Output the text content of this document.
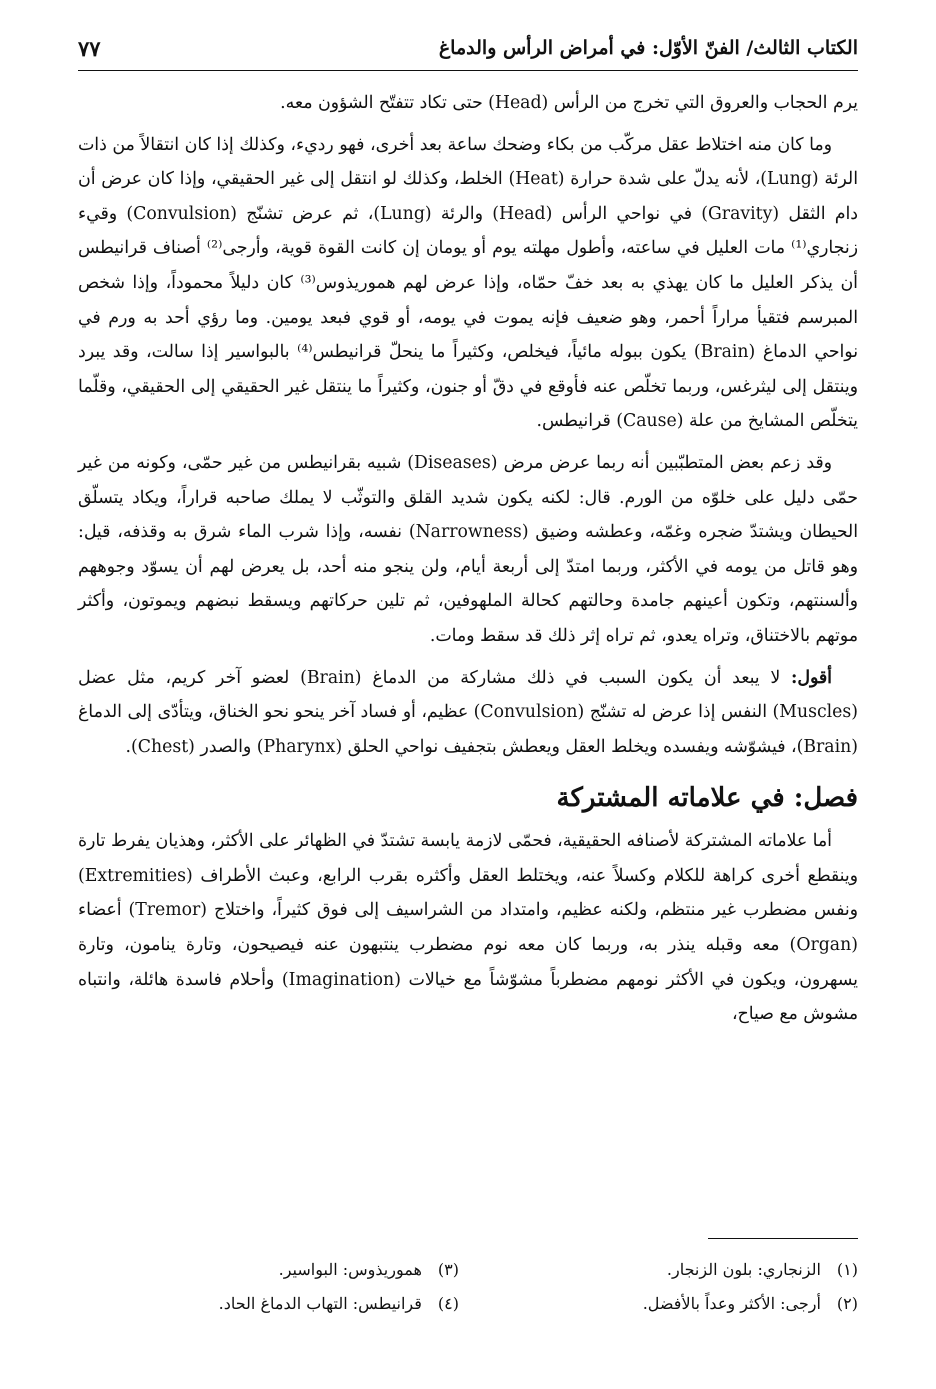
الكتاب الثالث/ الفنّ الأوّل: في أمراض الرأس والدماغ
٧٧

يرم الحجاب والعروق التي تخرج من الرأس (Head) حتى تكاد تتفتّح الشؤون معه.

وما كان منه اختلاط عقل مركّب من بكاء وضحك ساعة بعد أخرى، فهو رديء، وكذلك إذا كان انتقالاً من ذات الرئة (Lung)، لأنه يدلّ على شدة حرارة (Heat) الخلط، وكذلك لو انتقل إلى غير الحقيقي، وإذا كان عرض أن دام الثقل (Gravity) في نواحي الرأس (Head) والرئة (Lung)، ثم عرض تشنّج (Convulsion) وقيء زنجاري⁽¹⁾ مات العليل في ساعته، وأطول مهلته يوم أو يومان إن كانت القوة قوية، وأرجى⁽²⁾ أصناف قرانيطس أن يذكر العليل ما كان يهذي به بعد خفّ حمّاه، وإذا عرض لهم هموريذوس⁽³⁾ كان دليلاً محموداً، وإذا شخص المبرسم فتقيأ مراراً أحمر، وهو ضعيف فإنه يموت في يومه، أو قوي فبعد يومين. وما رؤي أحد به ورم في نواحي الدماغ (Brain) يكون ببوله مائياً، فيخلص، وكثيراً ما ينحلّ قرانيطس⁽⁴⁾ بالبواسير إذا سالت، وقد يبرد وينتقل إلى ليثرغس، وربما تخلّص عنه فأوقع في دقّ أو جنون، وكثيراً ما ينتقل غير الحقيقي إلى الحقيقي، وقلّما يتخلّص المشايخ من علة (Cause) قرانيطس.

وقد زعم بعض المتطبّبين أنه ربما عرض مرض (Diseases) شبيه بقرانيطس من غير حمّى، وكونه من غير حمّى دليل على خلوّه من الورم. قال: لكنه يكون شديد القلق والتوثّب لا يملك صاحبه قراراً، ويكاد يتسلّق الحيطان ويشتدّ ضجره وغمّه، وعطشه وضيق (Narrowness) نفسه، وإذا شرب الماء شرق به وقذفه، قيل: وهو قاتل من يومه في الأكثر، وربما امتدّ إلى أربعة أيام، ولن ينجو منه أحد، بل يعرض لهم أن يسوّد وجوههم وألسنتهم، وتكون أعينهم جامدة وحالتهم كحالة الملهوفين، ثم تلين حركاتهم ويسقط نبضهم ويموتون، وأكثر موتهم بالاختناق، وتراه يعدو، ثم تراه إثر ذلك قد سقط ومات.

أقول: لا يبعد أن يكون السبب في ذلك مشاركة من الدماغ (Brain) لعضو آخر كريم، مثل عضل (Muscles) النفس إذا عرض له تشنّج (Convulsion) عظيم، أو فساد آخر ينحو نحو الخناق، ويتأدّى إلى الدماغ (Brain)، فيشوّشه ويفسده ويخلط العقل ويعطش بتجفيف نواحي الحلق (Pharynx) والصدر (Chest).

فصل: في علاماته المشتركة

أما علاماته المشتركة لأصنافه الحقيقية، فحمّى لازمة يابسة تشتدّ في الظهائر على الأكثر، وهذيان يفرط تارة وينقطع أخرى كراهة للكلام وكسلاً عنه، ويختلط العقل وأكثره بقرب الرابع، وعبث الأطراف (Extremities) ونفس مضطرب غير منتظم، ولكنه عظيم، وامتداد من الشراسيف إلى فوق كثيراً، واختلاج (Tremor) أعضاء (Organ) معه وقبله ينذر به، وربما كان معه نوم مضطرب ينتبهون عنه فيصيحون، وتارة ينامون، وتارة يسهرون، ويكون في الأكثر نومهم مضطرباً مشوّشاً مع خيالات (Imagination) وأحلام فاسدة هائلة، وانتباه مشوش مع صياح،

(١)الزنجاري: بلون الزنجار.
(٣)هموريذوس: البواسير.
(٢)أرجى: الأكثر وعداً بالأفضل.
(٤)قرانيطس: التهاب الدماغ الحاد.
